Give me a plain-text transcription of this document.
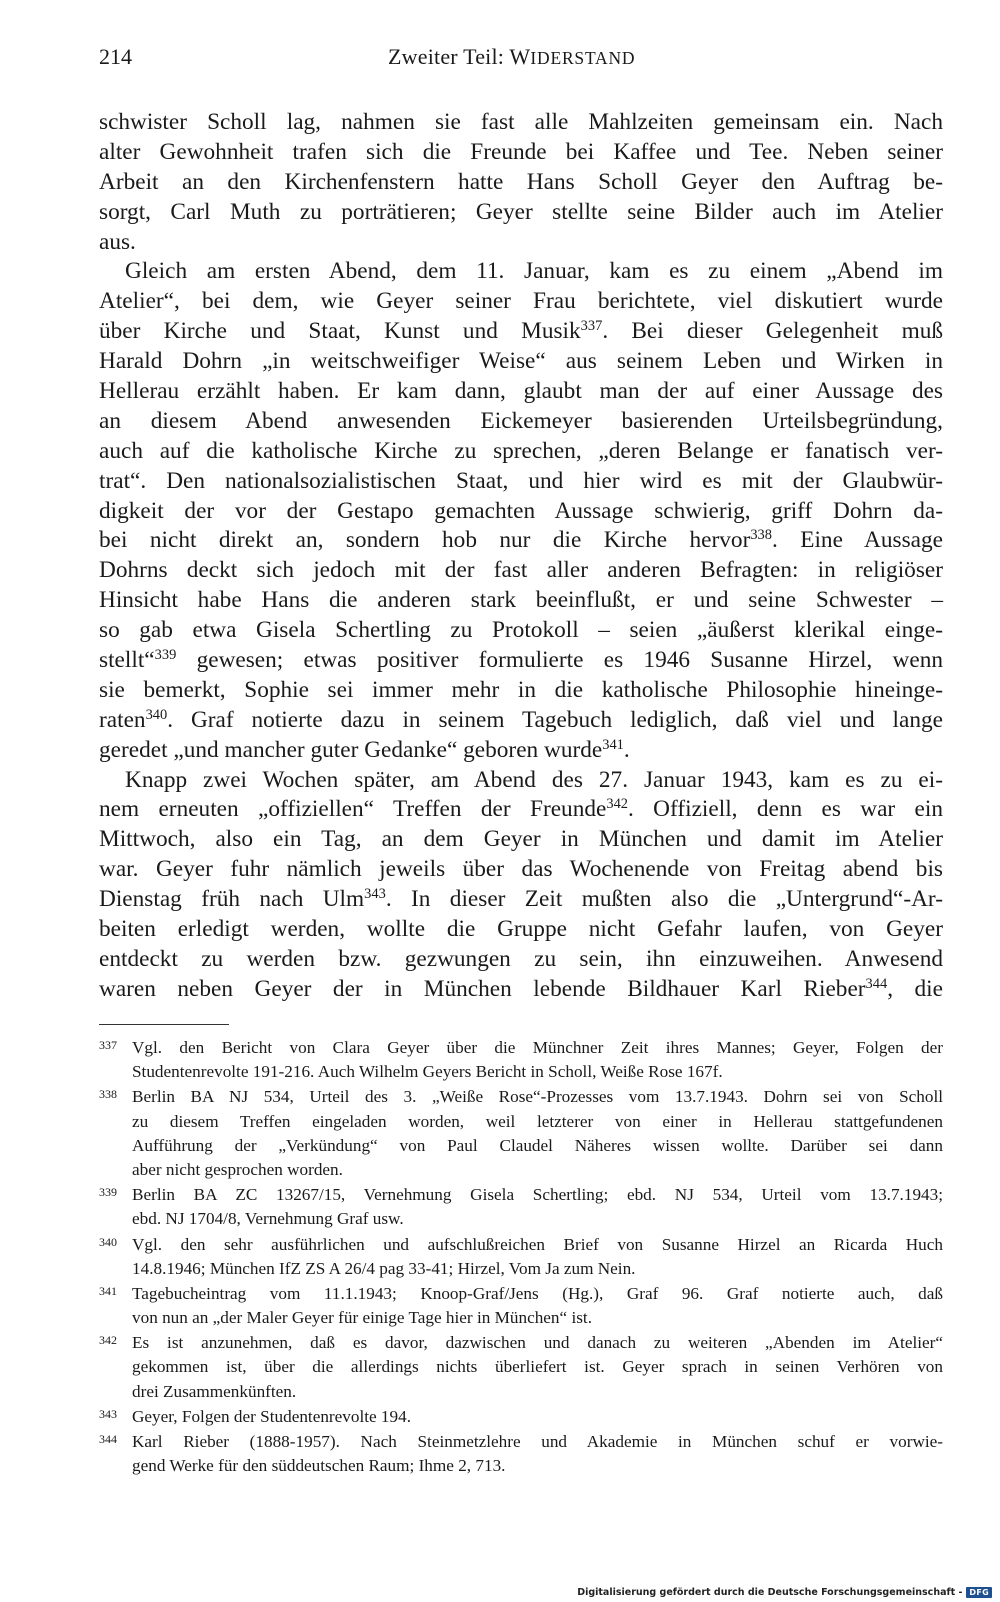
214	Zweiter Teil: WIDERSTAND
schwister Scholl lag, nahmen sie fast alle Mahlzeiten gemeinsam ein. Nach
alter Gewohnheit trafen sich die Freunde bei Kaffee und Tee. Neben seiner
Arbeit an den Kirchenfenstern hatte Hans Scholl Geyer den Auftrag be-
sorgt, Carl Muth zu porträtieren; Geyer stellte seine Bilder auch im Atelier
aus.
Gleich am ersten Abend, dem 11. Januar, kam es zu einem „Abend im
Atelier“, bei dem, wie Geyer seiner Frau berichtete, viel diskutiert wurde
über Kirche und Staat, Kunst und Musik$^{337}$. Bei dieser Gelegenheit muß
Harald Dohrn „in weitschweifiger Weise“ aus seinem Leben und Wirken in
Hellerau erzählt haben. Er kam dann, glaubt man der auf einer Aussage des
an diesem Abend anwesenden Eickemeyer basierenden Urteilsbegründung,
auch auf die katholische Kirche zu sprechen, „deren Belange er fanatisch ver-
trat“. Den nationalsozialistischen Staat, und hier wird es mit der Glaubwür-
digkeit der vor der Gestapo gemachten Aussage schwierig, griff Dohrn da-
bei nicht direkt an, sondern hob nur die Kirche hervor$^{338}$. Eine Aussage
Dohrns deckt sich jedoch mit der fast aller anderen Befragten: in religiöser
Hinsicht habe Hans die anderen stark beeinflußt, er und seine Schwester –
so gab etwa Gisela Schertling zu Protokoll – seien „äußerst klerikal einge-
stellt“$^{339}$ gewesen; etwas positiver formulierte es 1946 Susanne Hirzel, wenn
sie bemerkt, Sophie sei immer mehr in die katholische Philosophie hineinge-
raten$^{340}$. Graf notierte dazu in seinem Tagebuch lediglich, daß viel und lange
geredet „und mancher guter Gedanke“ geboren wurde$^{341}$.
Knapp zwei Wochen später, am Abend des 27. Januar 1943, kam es zu ei-
nem erneuten „offiziellen“ Treffen der Freunde$^{342}$. Offiziell, denn es war ein
Mittwoch, also ein Tag, an dem Geyer in München und damit im Atelier
war. Geyer fuhr nämlich jeweils über das Wochenende von Freitag abend bis
Dienstag früh nach Ulm$^{343}$. In dieser Zeit mußten also die „Untergrund“-Ar-
beiten erledigt werden, wollte die Gruppe nicht Gefahr laufen, von Geyer
entdeckt zu werden bzw. gezwungen zu sein, ihn einzuweihen. Anwesend
waren neben Geyer der in München lebende Bildhauer Karl Rieber$^{344}$, die
337 Vgl. den Bericht von Clara Geyer über die Münchner Zeit ihres Mannes; Geyer, Folgen der
Studentenrevolte 191-216. Auch Wilhelm Geyers Bericht in Scholl, Weiße Rose 167f.
338 Berlin BA NJ 534, Urteil des 3. „Weiße Rose“-Prozesses vom 13.7.1943. Dohrn sei von Scholl
zu diesem Treffen eingeladen worden, weil letzterer von einer in Hellerau stattgefundenen
Aufführung der „Verkündung“ von Paul Claudel Näheres wissen wollte. Darüber sei dann
aber nicht gesprochen worden.
339 Berlin BA ZC 13267/15, Vernehmung Gisela Schertling; ebd. NJ 534, Urteil vom 13.7.1943;
ebd. NJ 1704/8, Vernehmung Graf usw.
340 Vgl. den sehr ausführlichen und aufschlußreichen Brief von Susanne Hirzel an Ricarda Huch
14.8.1946; München IfZ ZS A 26/4 pag 33-41; Hirzel, Vom Ja zum Nein.
341 Tagebucheintrag vom 11.1.1943; Knoop-Graf/Jens (Hg.), Graf 96. Graf notierte auch, daß
von nun an „der Maler Geyer für einige Tage hier in München“ ist.
342 Es ist anzunehmen, daß es davor, dazwischen und danach zu weiteren „Abenden im Atelier“
gekommen ist, über die allerdings nichts überliefert ist. Geyer sprach in seinen Verhören von
drei Zusammenkünften.
343 Geyer, Folgen der Studentenrevolte 194.
344 Karl Rieber (1888-1957). Nach Steinmetzlehre und Akademie in München schuf er vorwie-
gend Werke für den süddeutschen Raum; Ihme 2, 713.
Digitalisierung gefördert durch die Deutsche Forschungsgemeinschaft - DFG
